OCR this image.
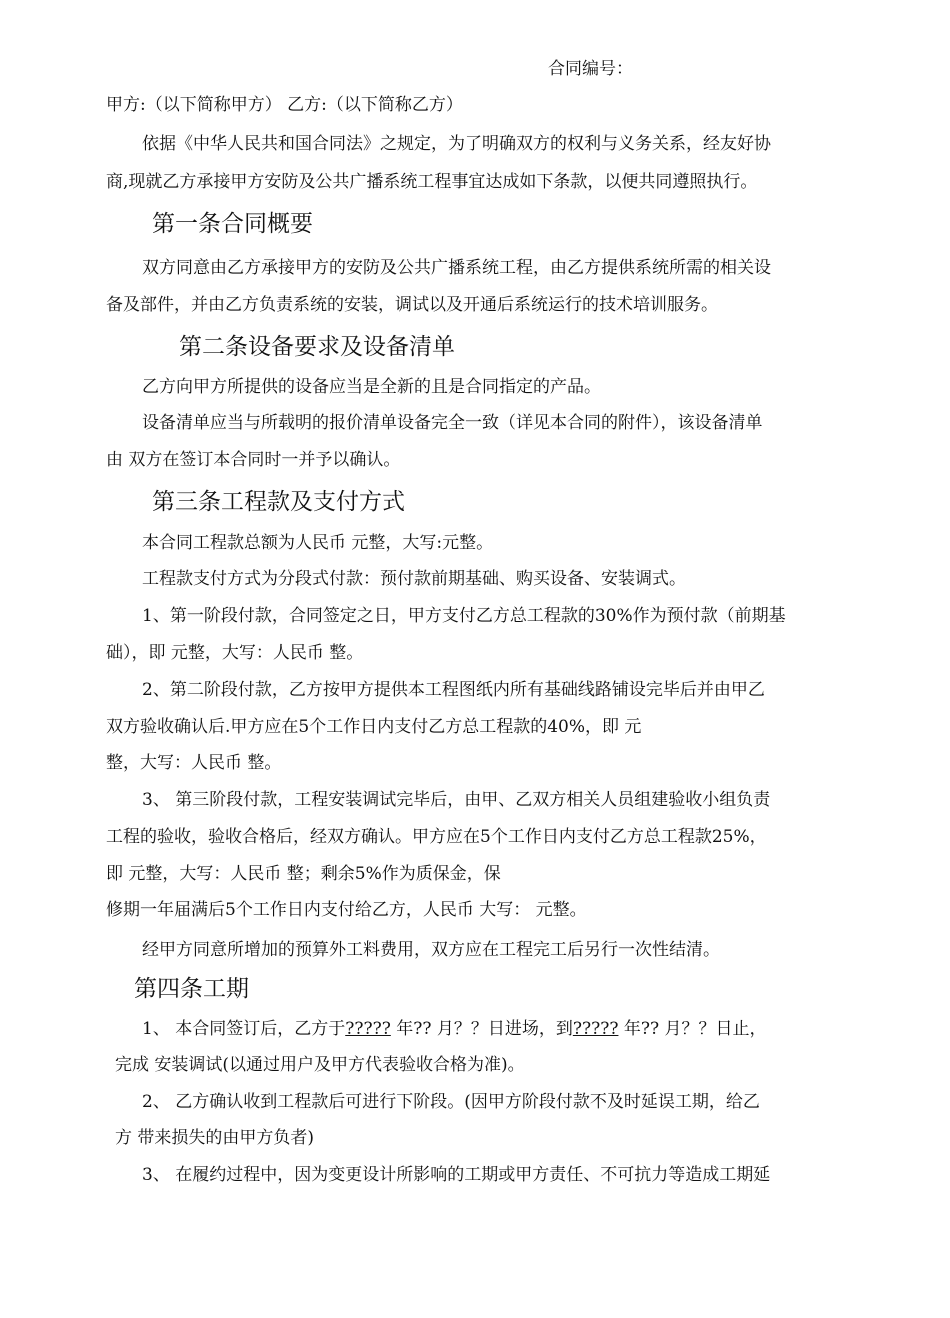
合同编号：
甲方:（以下简称甲方） 乙方:（以下简称乙方）
依据《中华人民共和国合同法》之规定，为了明确双方的权利与义务关系，经友好协
商,现就乙方承接甲方安防及公共广播系统工程事宜达成如下条款，以便共同遵照执行。
第一条合同概要
双方同意由乙方承接甲方的安防及公共广播系统工程，由乙方提供系统所需的相关设
备及部件，并由乙方负责系统的安装，调试以及开通后系统运行的技术培训服务。
第二条设备要求及设备清单
乙方向甲方所提供的设备应当是全新的且是合同指定的产品。
设备清单应当与所载明的报价清单设备完全一致（详见本合同的附件），该设备清单
由 双方在签订本合同时一并予以确认。
第三条工程款及支付方式
本合同工程款总额为人民币 元整，大写:元整。
工程款支付方式为分段式付款：预付款前期基础、购买设备、安装调式。
1、第一阶段付款，合同签定之日，甲方支付乙方总工程款的30%作为预付款（前期基
础），即 元整，大写：人民币 整。
2、第二阶段付款，乙方按甲方提供本工程图纸内所有基础线路铺设完毕后并由甲乙
双方验收确认后.甲方应在5个工作日内支付乙方总工程款的40%，即 元
整，大写：人民币 整。
3、 第三阶段付款，工程安装调试完毕后，由甲、乙双方相关人员组建验收小组负责
工程的验收，验收合格后，经双方确认。甲方应在5个工作日内支付乙方总工程款25%，
即 元整，大写：人民币 整；剩余5%作为质保金，保
修期一年届满后5个工作日内支付给乙方，人民币 大写： 元整。
经甲方同意所增加的预算外工料费用，双方应在工程完工后另行一次性结清。
第四条工期
1、 本合同签订后，乙方于????? 年?? 月？？日进场，到????? 年?? 月？？日止，
完成 安装调试(以通过用户及甲方代表验收合格为准)。
2、 乙方确认收到工程款后可进行下阶段。(因甲方阶段付款不及时延误工期，给乙
方 带来损失的由甲方负者)
3、 在履约过程中，因为变更设计所影响的工期或甲方责任、不可抗力等造成工期延
